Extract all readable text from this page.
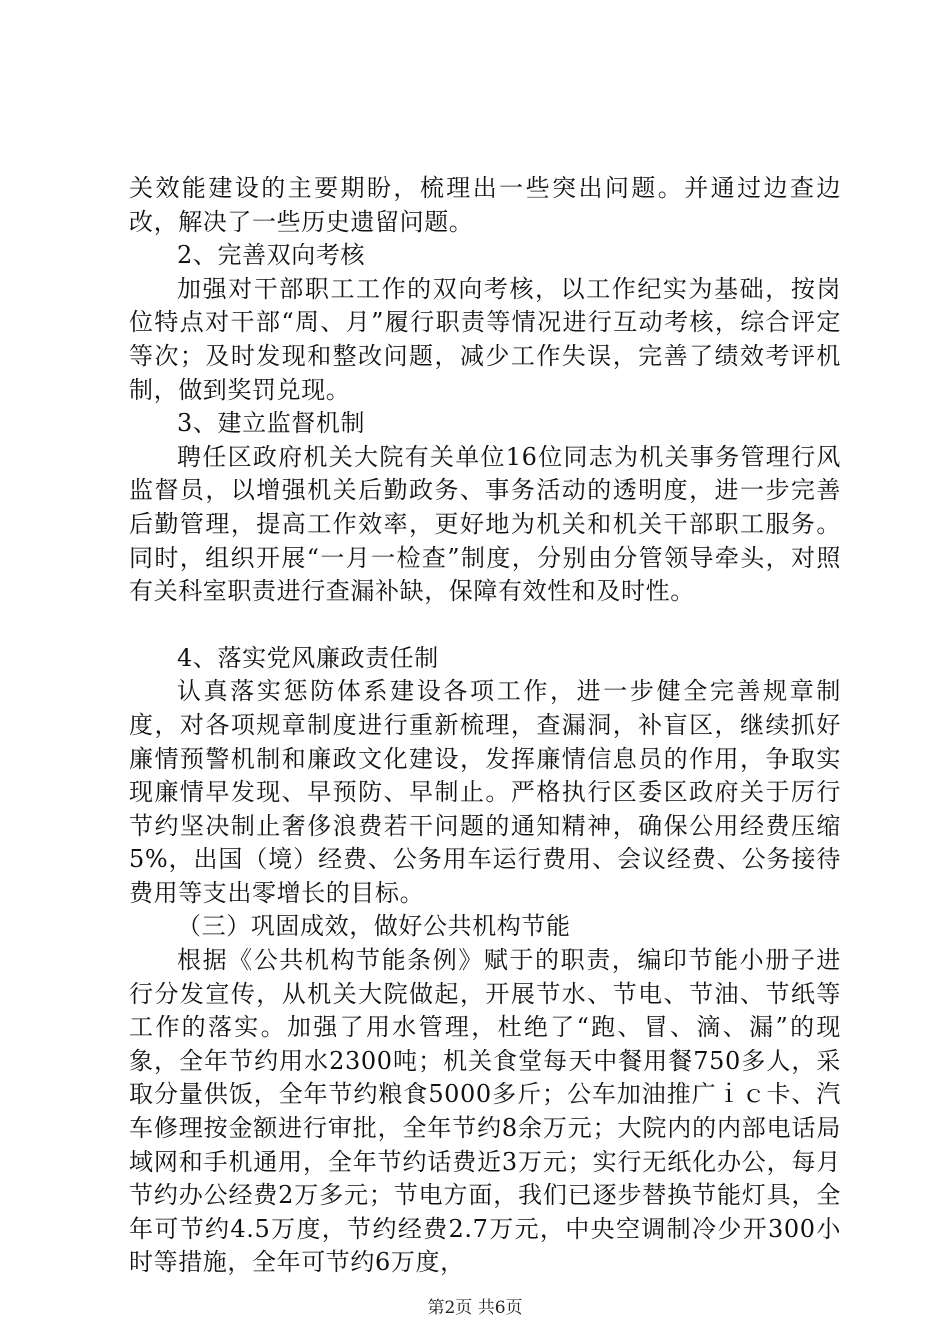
关效能建设的主要期盼，梳理出一些突出问题。并通过边查边改，解决了一些历史遗留问题。

2、完善双向考核

加强对干部职工工作的双向考核，以工作纪实为基础，按岗位特点对干部“周、月”履行职责等情况进行互动考核，综合评定等次；及时发现和整改问题，减少工作失误，完善了绩效考评机制，做到奖罚兑现。

3、建立监督机制

聘任区政府机关大院有关单位16位同志为机关事务管理行风监督员，以增强机关后勤政务、事务活动的透明度，进一步完善后勤管理，提高工作效率，更好地为机关和机关干部职工服务。同时，组织开展“一月一检查”制度，分别由分管领导牵头，对照有关科室职责进行查漏补缺，保障有效性和及时性。

4、落实党风廉政责任制

认真落实惩防体系建设各项工作，进一步健全完善规章制度，对各项规章制度进行重新梳理，查漏洞，补盲区，继续抓好廉情预警机制和廉政文化建设，发挥廉情信息员的作用，争取实现廉情早发现、早预防、早制止。严格执行区委区政府关于厉行节约坚决制止奢侈浪费若干问题的通知精神，确保公用经费压缩5%，出国（境）经费、公务用车运行费用、会议经费、公务接待费用等支出零增长的目标。

（三）巩固成效，做好公共机构节能

根据《公共机构节能条例》赋于的职责，编印节能小册子进行分发宣传，从机关大院做起，开展节水、节电、节油、节纸等工作的落实。加强了用水管理，杜绝了“跑、冒、滴、漏”的现象，全年节约用水2300吨；机关食堂每天中餐用餐750多人，采取分量供饭，全年节约粮食5000多斤；公车加油推广ｉｃ卡、汽车修理按金额进行审批，全年节约8余万元；大院内的内部电话局域网和手机通用，全年节约话费近3万元；实行无纸化办公，每月节约办公经费2万多元；节电方面，我们已逐步替换节能灯具，全年可节约4.5万度，节约经费2.7万元，中央空调制冷少开300小时等措施，全年可节约6万度，

第2页 共6页
